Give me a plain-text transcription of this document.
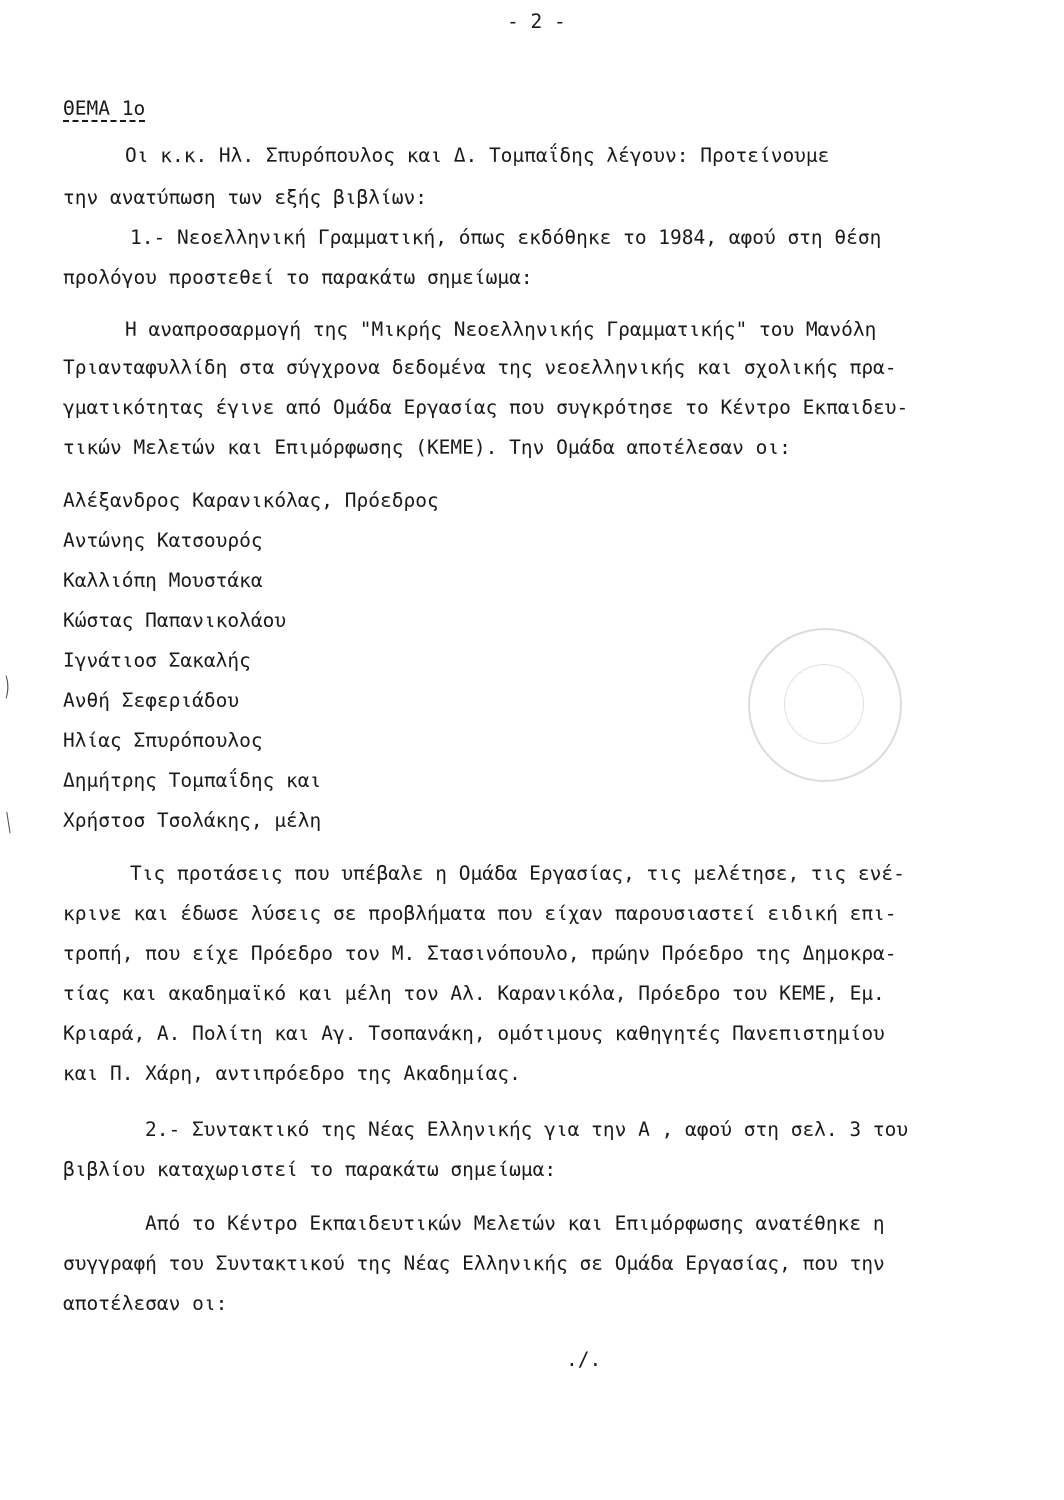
- 2 -
ΘΕΜΑ 1ο
Οι κ.κ. Ηλ. Σπυρόπουλος και Δ. Τομπαΐδης λέγουν: Προτείνουμε
την ανατύπωση των εξής βιβλίων:
1.- Νεοελληνική Γραμματική, όπως εκδόθηκε το 1984, αφού στη θέση
προλόγου προστεθεί το παρακάτω σημείωμα:
Η αναπροσαρμογή της "Μικρής Νεοελληνικής Γραμματικής" του Μανόλη
Τριανταφυλλίδη στα σύγχρονα δεδομένα της νεοελληνικής και σχολικής πρα-
γματικότητας έγινε από Ομάδα Εργασίας που συγκρότησε το Κέντρο Εκπαιδευ-
τικών Μελετών και Επιμόρφωσης (ΚΕΜΕ). Την Ομάδα αποτέλεσαν οι:
Αλέξανδρος Καρανικόλας, Πρόεδρος
Αντώνης Κατσουρός
Καλλιόπη Μουστάκα
Κώστας Παπανικολάου
Ιγνάτιοσ Σακαλής
Ανθή Σεφεριάδου
Ηλίας Σπυρόπουλος
Δημήτρης Τομπαΐδης και
Χρήστοσ Τσολάκης, μέλη
Τις προτάσεις που υπέβαλε η Ομάδα Εργασίας, τις μελέτησε, τις ενέ-
κρινε και έδωσε λύσεις σε προβλήματα που είχαν παρουσιαστεί ειδική επι-
τροπή, που είχε Πρόεδρο τον Μ. Στασινόπουλο, πρώην Πρόεδρο της Δημοκρα-
τίας και ακαδημαϊκό και μέλη τον Αλ. Καρανικόλα, Πρόεδρο του ΚΕΜΕ, Εμ.
Κριαρά, Α. Πολίτη και Αγ. Τσοπανάκη, ομότιμους καθηγητές Πανεπιστημίου
και Π. Χάρη, αντιπρόεδρο της Ακαδημίας.
2.- Συντακτικό της Νέας Ελληνικής για την Α , αφού στη σελ. 3 του
βιβλίου καταχωριστεί το παρακάτω σημείωμα:
Από το Κέντρο Εκπαιδευτικών Μελετών και Επιμόρφωσης ανατέθηκε η
συγγραφή του Συντακτικού της Νέας Ελληνικής σε Ομάδα Εργασίας, που την
αποτέλεσαν οι:
./.
)
\
